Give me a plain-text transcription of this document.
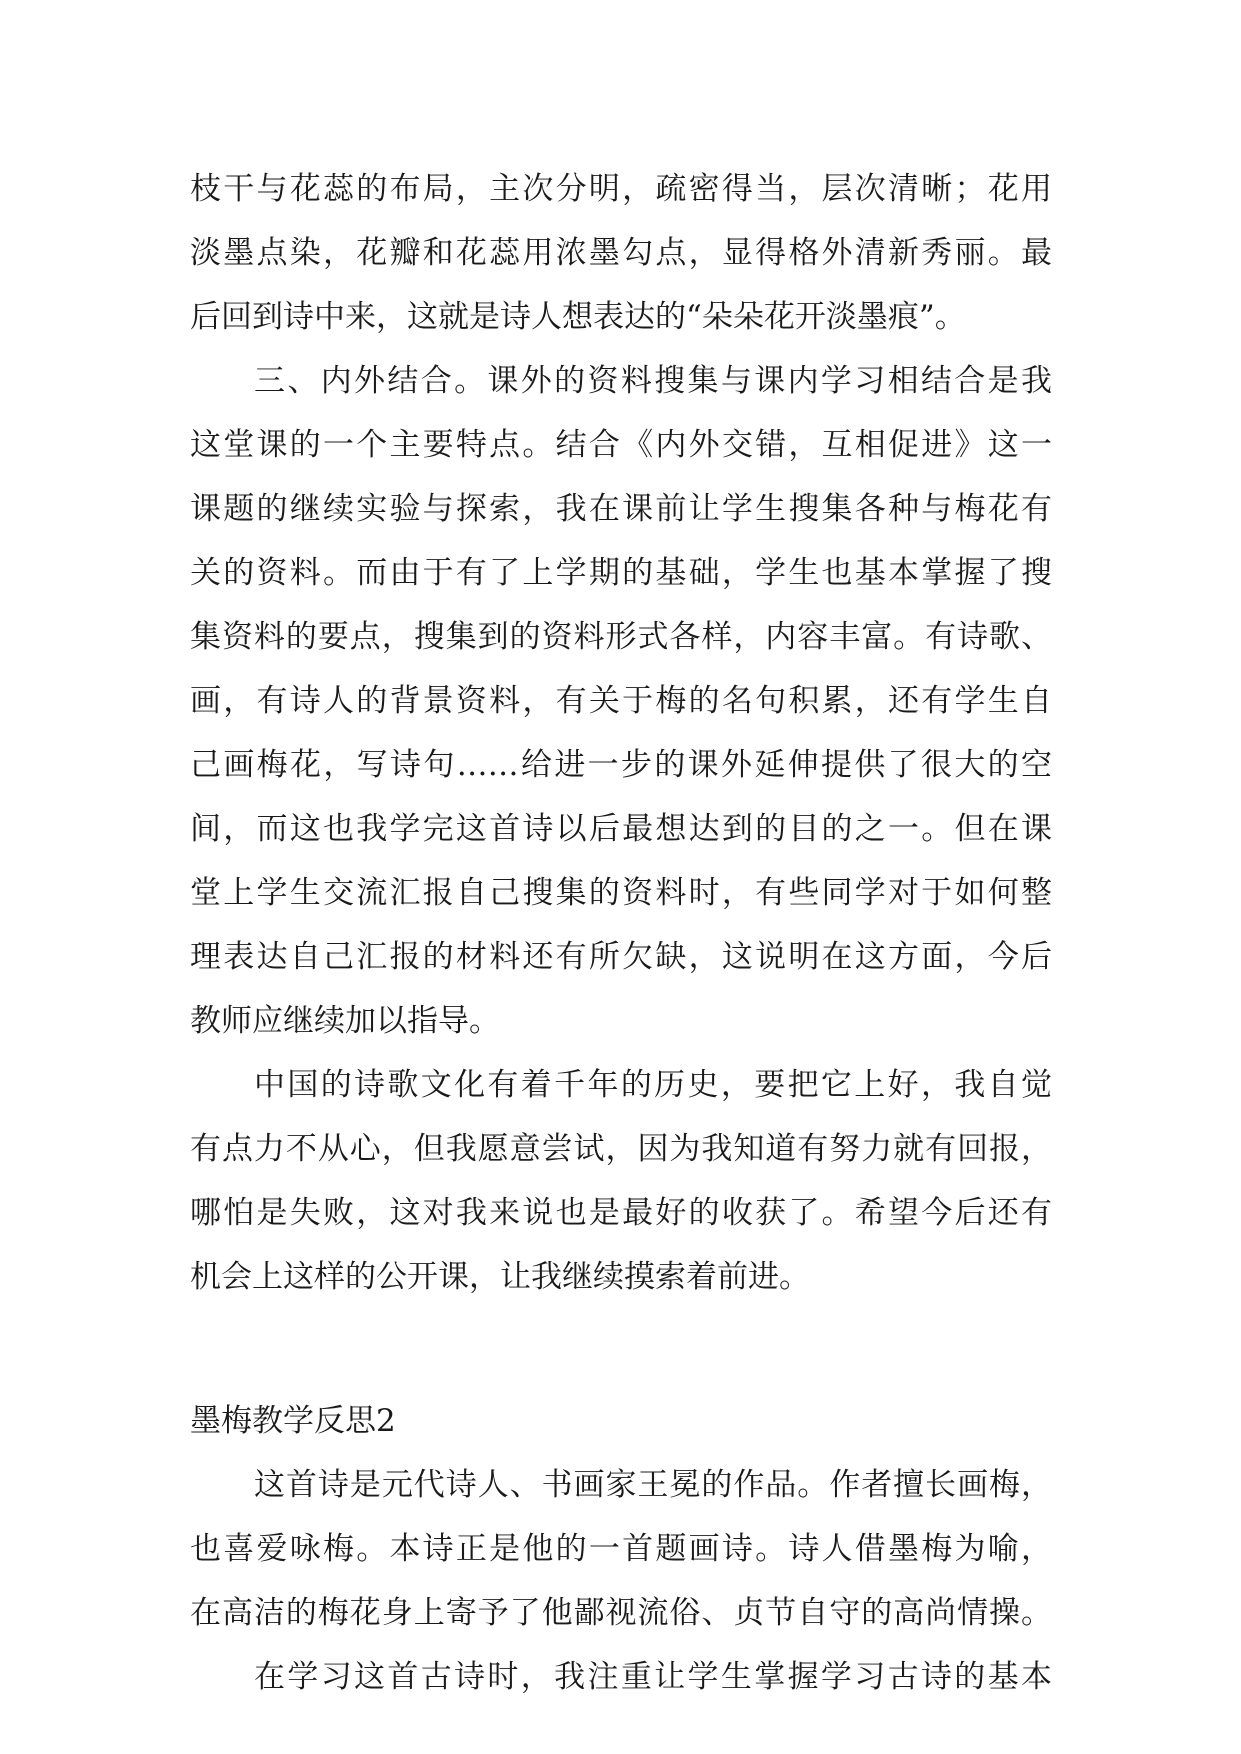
枝干与花蕊的布局，主次分明，疏密得当，层次清晰；花用
淡墨点染，花瓣和花蕊用浓墨勾点，显得格外清新秀丽。最
后回到诗中来，这就是诗人想表达的“朵朵花开淡墨痕”。
三、内外结合。课外的资料搜集与课内学习相结合是我
这堂课的一个主要特点。结合《内外交错，互相促进》这一
课题的继续实验与探索，我在课前让学生搜集各种与梅花有
关的资料。而由于有了上学期的基础，学生也基本掌握了搜
集资料的要点，搜集到的资料形式各样，内容丰富。有诗歌、
画，有诗人的背景资料，有关于梅的名句积累，还有学生自
己画梅花，写诗句……给进一步的课外延伸提供了很大的空
间，而这也我学完这首诗以后最想达到的目的之一。但在课
堂上学生交流汇报自己搜集的资料时，有些同学对于如何整
理表达自己汇报的材料还有所欠缺，这说明在这方面，今后
教师应继续加以指导。
中国的诗歌文化有着千年的历史，要把它上好，我自觉
有点力不从心，但我愿意尝试，因为我知道有努力就有回报，
哪怕是失败，这对我来说也是最好的收获了。希望今后还有
机会上这样的公开课，让我继续摸索着前进。
墨梅教学反思2
这首诗是元代诗人、书画家王冕的作品。作者擅长画梅，
也喜爱咏梅。本诗正是他的一首题画诗。诗人借墨梅为喻，
在高洁的梅花身上寄予了他鄙视流俗、贞节自守的高尚情操。
在学习这首古诗时，我注重让学生掌握学习古诗的基本
